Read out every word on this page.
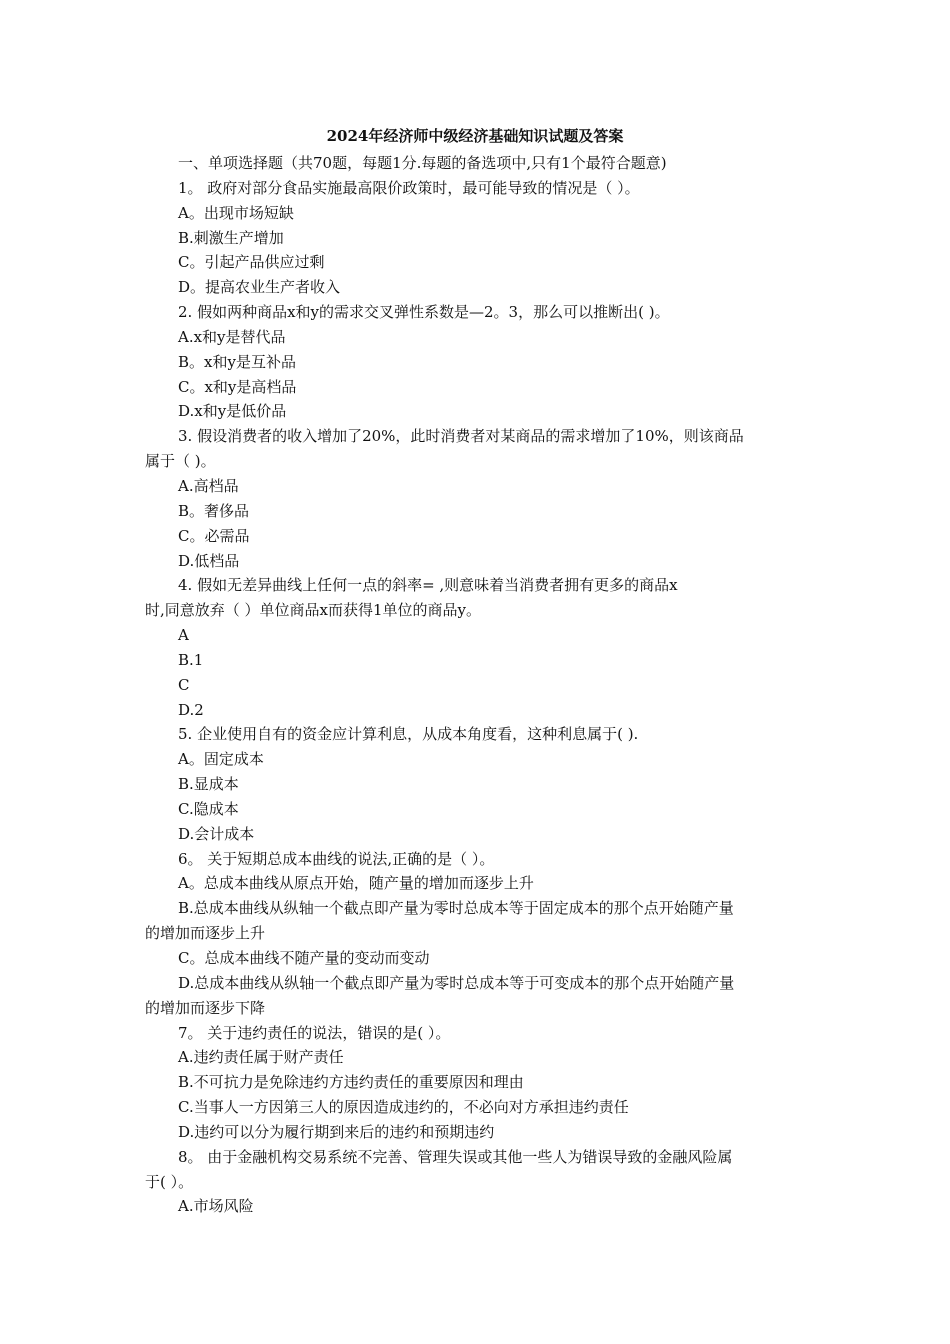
2024年经济师中级经济基础知识试题及答案
一、单项选择题（共70题，每题1分.每题的备选项中,只有1个最符合题意)
1。 政府对部分食品实施最高限价政策时，最可能导致的情况是（ ）。
A。出现市场短缺
B.刺激生产增加
C。引起产品供应过剩
D。提高农业生产者收入
2. 假如两种商品x和y的需求交叉弹性系数是—2。3，那么可以推断出( )。
A.x和y是替代品
B。x和y是互补品
C。x和y是高档品
D.x和y是低价品
3. 假设消费者的收入增加了20%，此时消费者对某商品的需求增加了10%，则该商品
属于（ )。
A.高档品
B。奢侈品
C。必需品
D.低档品
4. 假如无差异曲线上任何一点的斜率= ,则意味着当消费者拥有更多的商品x
时,同意放弃（ ）单位商品x而获得1单位的商品y。
A
B.1
C
D.2
5. 企业使用自有的资金应计算利息，从成本角度看，这种利息属于( ).
A。固定成本
B.显成本
C.隐成本
D.会计成本
6。 关于短期总成本曲线的说法,正确的是（ ）。
A。总成本曲线从原点开始，随产量的增加而逐步上升
B.总成本曲线从纵轴一个截点即产量为零时总成本等于固定成本的那个点开始随产量
的增加而逐步上升
C。总成本曲线不随产量的变动而变动
D.总成本曲线从纵轴一个截点即产量为零时总成本等于可变成本的那个点开始随产量
的增加而逐步下降
7。 关于违约责任的说法，错误的是( ）。
A.违约责任属于财产责任
B.不可抗力是免除违约方违约责任的重要原因和理由
C.当事人一方因第三人的原因造成违约的，不必向对方承担违约责任
D.违约可以分为履行期到来后的违约和预期违约
8。 由于金融机构交易系统不完善、管理失误或其他一些人为错误导致的金融风险属
于( ）。
A.市场风险
